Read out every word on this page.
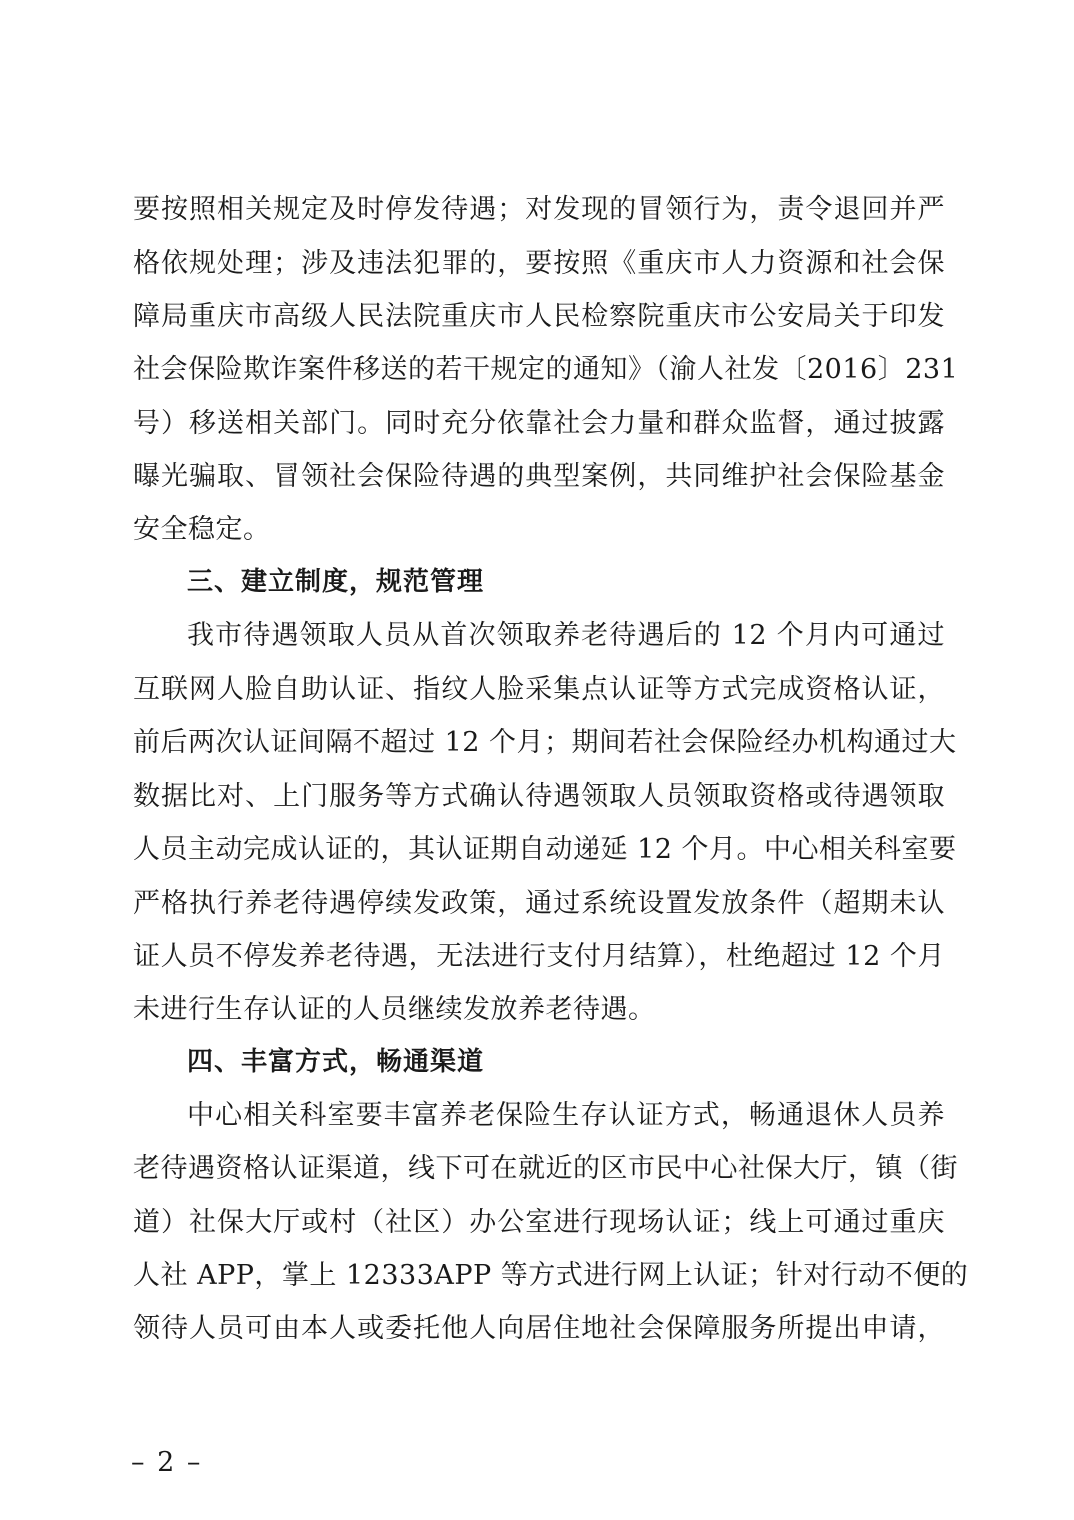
要按照相关规定及时停发待遇；对发现的冒领行为，责令退回并严
格依规处理；涉及违法犯罪的，要按照《重庆市人力资源和社会保
障局重庆市高级人民法院重庆市人民检察院重庆市公安局关于印发
社会保险欺诈案件移送的若干规定的通知》（渝人社发〔2016〕231
号）移送相关部门。同时充分依靠社会力量和群众监督，通过披露
曝光骗取、冒领社会保险待遇的典型案例，共同维护社会保险基金
安全稳定。
三、建立制度，规范管理
我市待遇领取人员从首次领取养老待遇后的 12 个月内可通过
互联网人脸自助认证、指纹人脸采集点认证等方式完成资格认证，
前后两次认证间隔不超过 12 个月；期间若社会保险经办机构通过大
数据比对、上门服务等方式确认待遇领取人员领取资格或待遇领取
人员主动完成认证的，其认证期自动递延 12 个月。中心相关科室要
严格执行养老待遇停续发政策，通过系统设置发放条件（超期未认
证人员不停发养老待遇，无法进行支付月结算），杜绝超过 12 个月
未进行生存认证的人员继续发放养老待遇。
四、丰富方式，畅通渠道
中心相关科室要丰富养老保险生存认证方式，畅通退休人员养
老待遇资格认证渠道，线下可在就近的区市民中心社保大厅，镇（街
道）社保大厅或村（社区）办公室进行现场认证；线上可通过重庆
人社 APP，掌上 12333APP 等方式进行网上认证；针对行动不便的
领待人员可由本人或委托他人向居住地社会保障服务所提出申请，
– 2 –
